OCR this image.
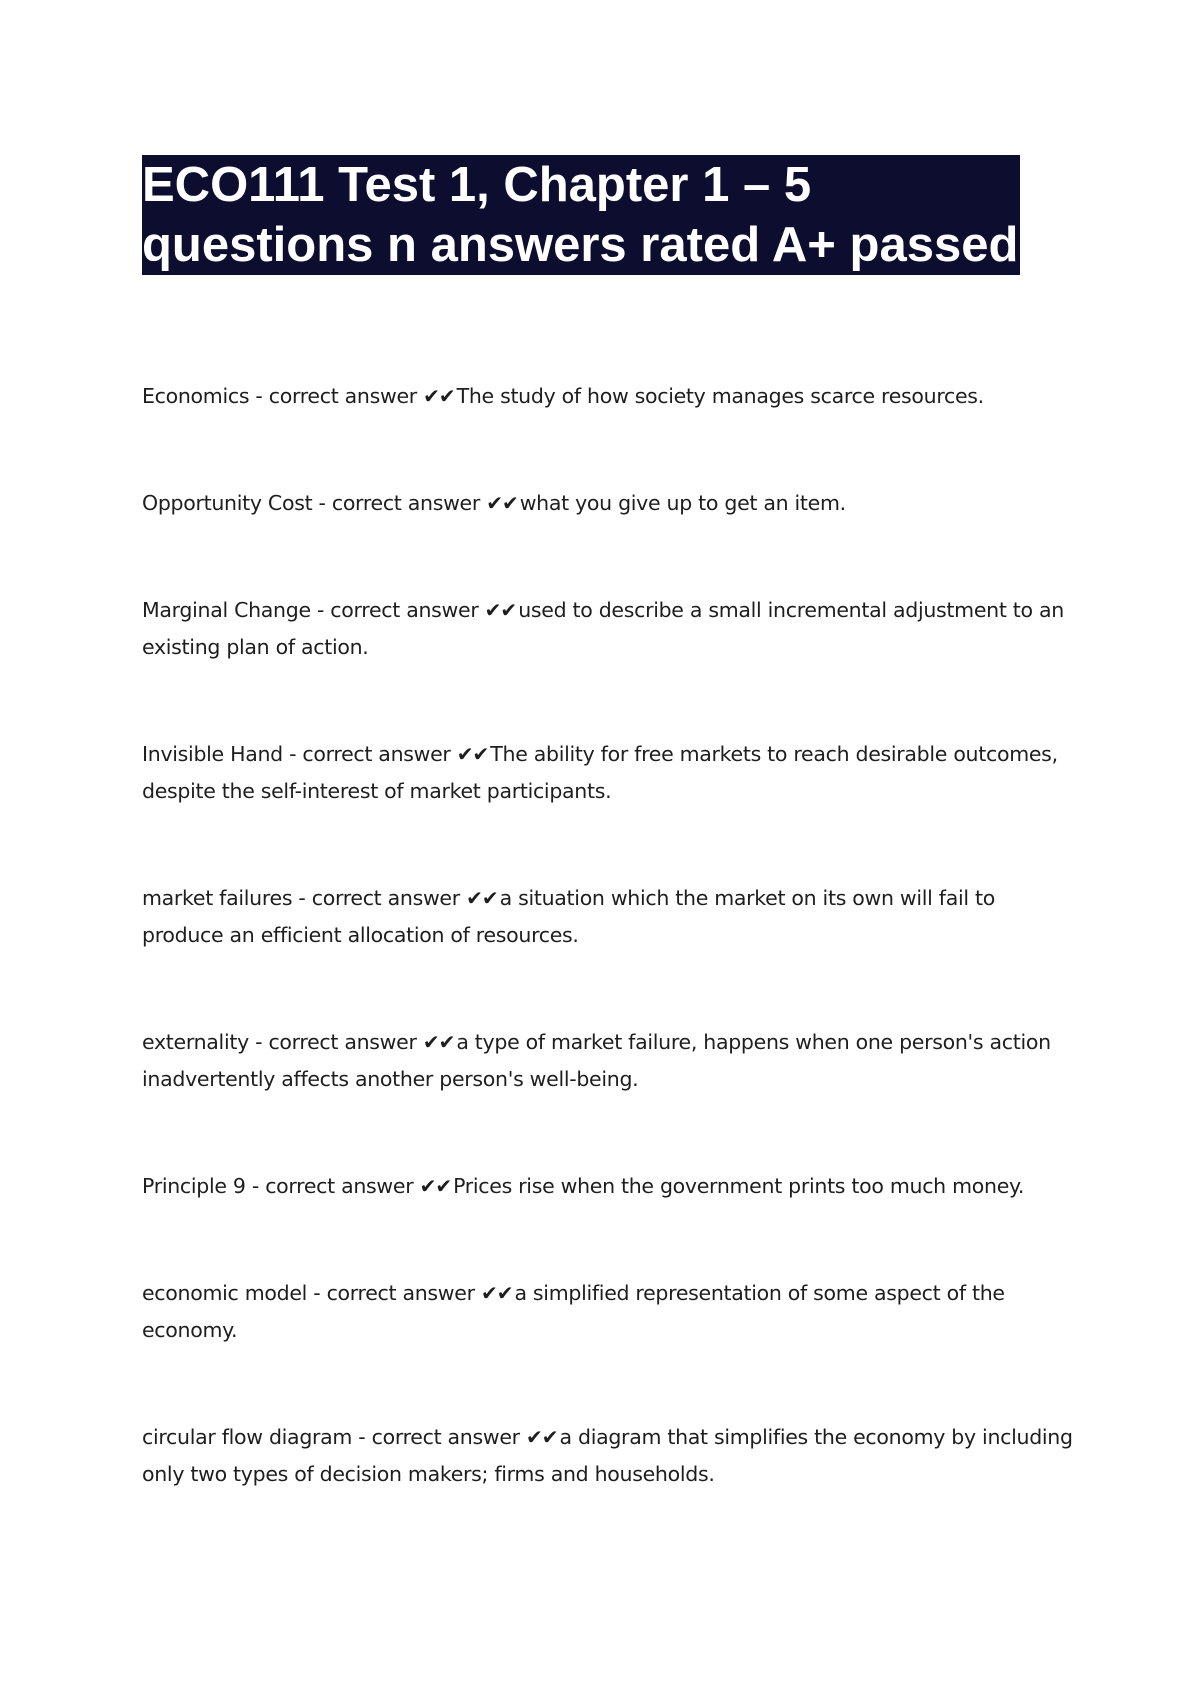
ECO111 Test 1, Chapter 1 – 5
questions n answers rated A+ passed
Economics - correct answer ✔✔The study of how society manages scarce resources.
Opportunity Cost - correct answer ✔✔what you give up to get an item.
Marginal Change - correct answer ✔✔used to describe a small incremental adjustment to an existing plan of action.
Invisible Hand - correct answer ✔✔The ability for free markets to reach desirable outcomes, despite the self-interest of market participants.
market failures - correct answer ✔✔a situation which the market on its own will fail to produce an efficient allocation of resources.
externality - correct answer ✔✔a type of market failure, happens when one person's action inadvertently affects another person's well-being.
Principle 9 - correct answer ✔✔Prices rise when the government prints too much money.
economic model - correct answer ✔✔a simplified representation of some aspect of the economy.
circular flow diagram - correct answer ✔✔a diagram that simplifies the economy by including only two types of decision makers; firms and households.
